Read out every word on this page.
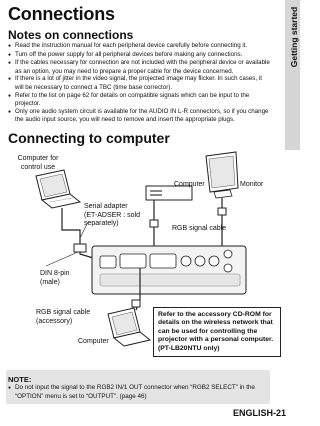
Connections	Getting started
Notes on connections
● Read the instruction manual for each peripheral device carefully before connecting it.
● Turn off the power supply for all peripheral devices before making any connections.
● If the cables necessary for connection are not included with the peripheral device or available as an option, you may need to prepare a proper cable for the device concerned.
● If there is a lot of jitter in the video signal, the projected image may flicker. In such cases, it will be necessary to connect a TBC (time base corrector).
● Refer to the list on page 62 for details on compatible signals which can be input to the projector.
● Only one audio system circuit is available for the AUDIO IN L-R connectors, so if you change the audio input source, you will need to remove and insert the appropriate plugs.
Connecting to computer
Computer for
control use
Computer	Monitor
Serial adapter
(ET-ADSER : sold
separately)
RGB signal cable
DIN 8-pin
(male)
RGB signal cable
(accessory)
Computer
Refer to the accessory CD-ROM for details on the wireless network that can be used for controlling the projector with a personal computer. (PT-LB20NTU only)
NOTE:
● Do not input the signal to the RGB2 IN/1 OUT connector when “RGB2 SELECT” in the “OPTION” menu is set to “OUTPUT”. (page 46)
ENGLISH-21
